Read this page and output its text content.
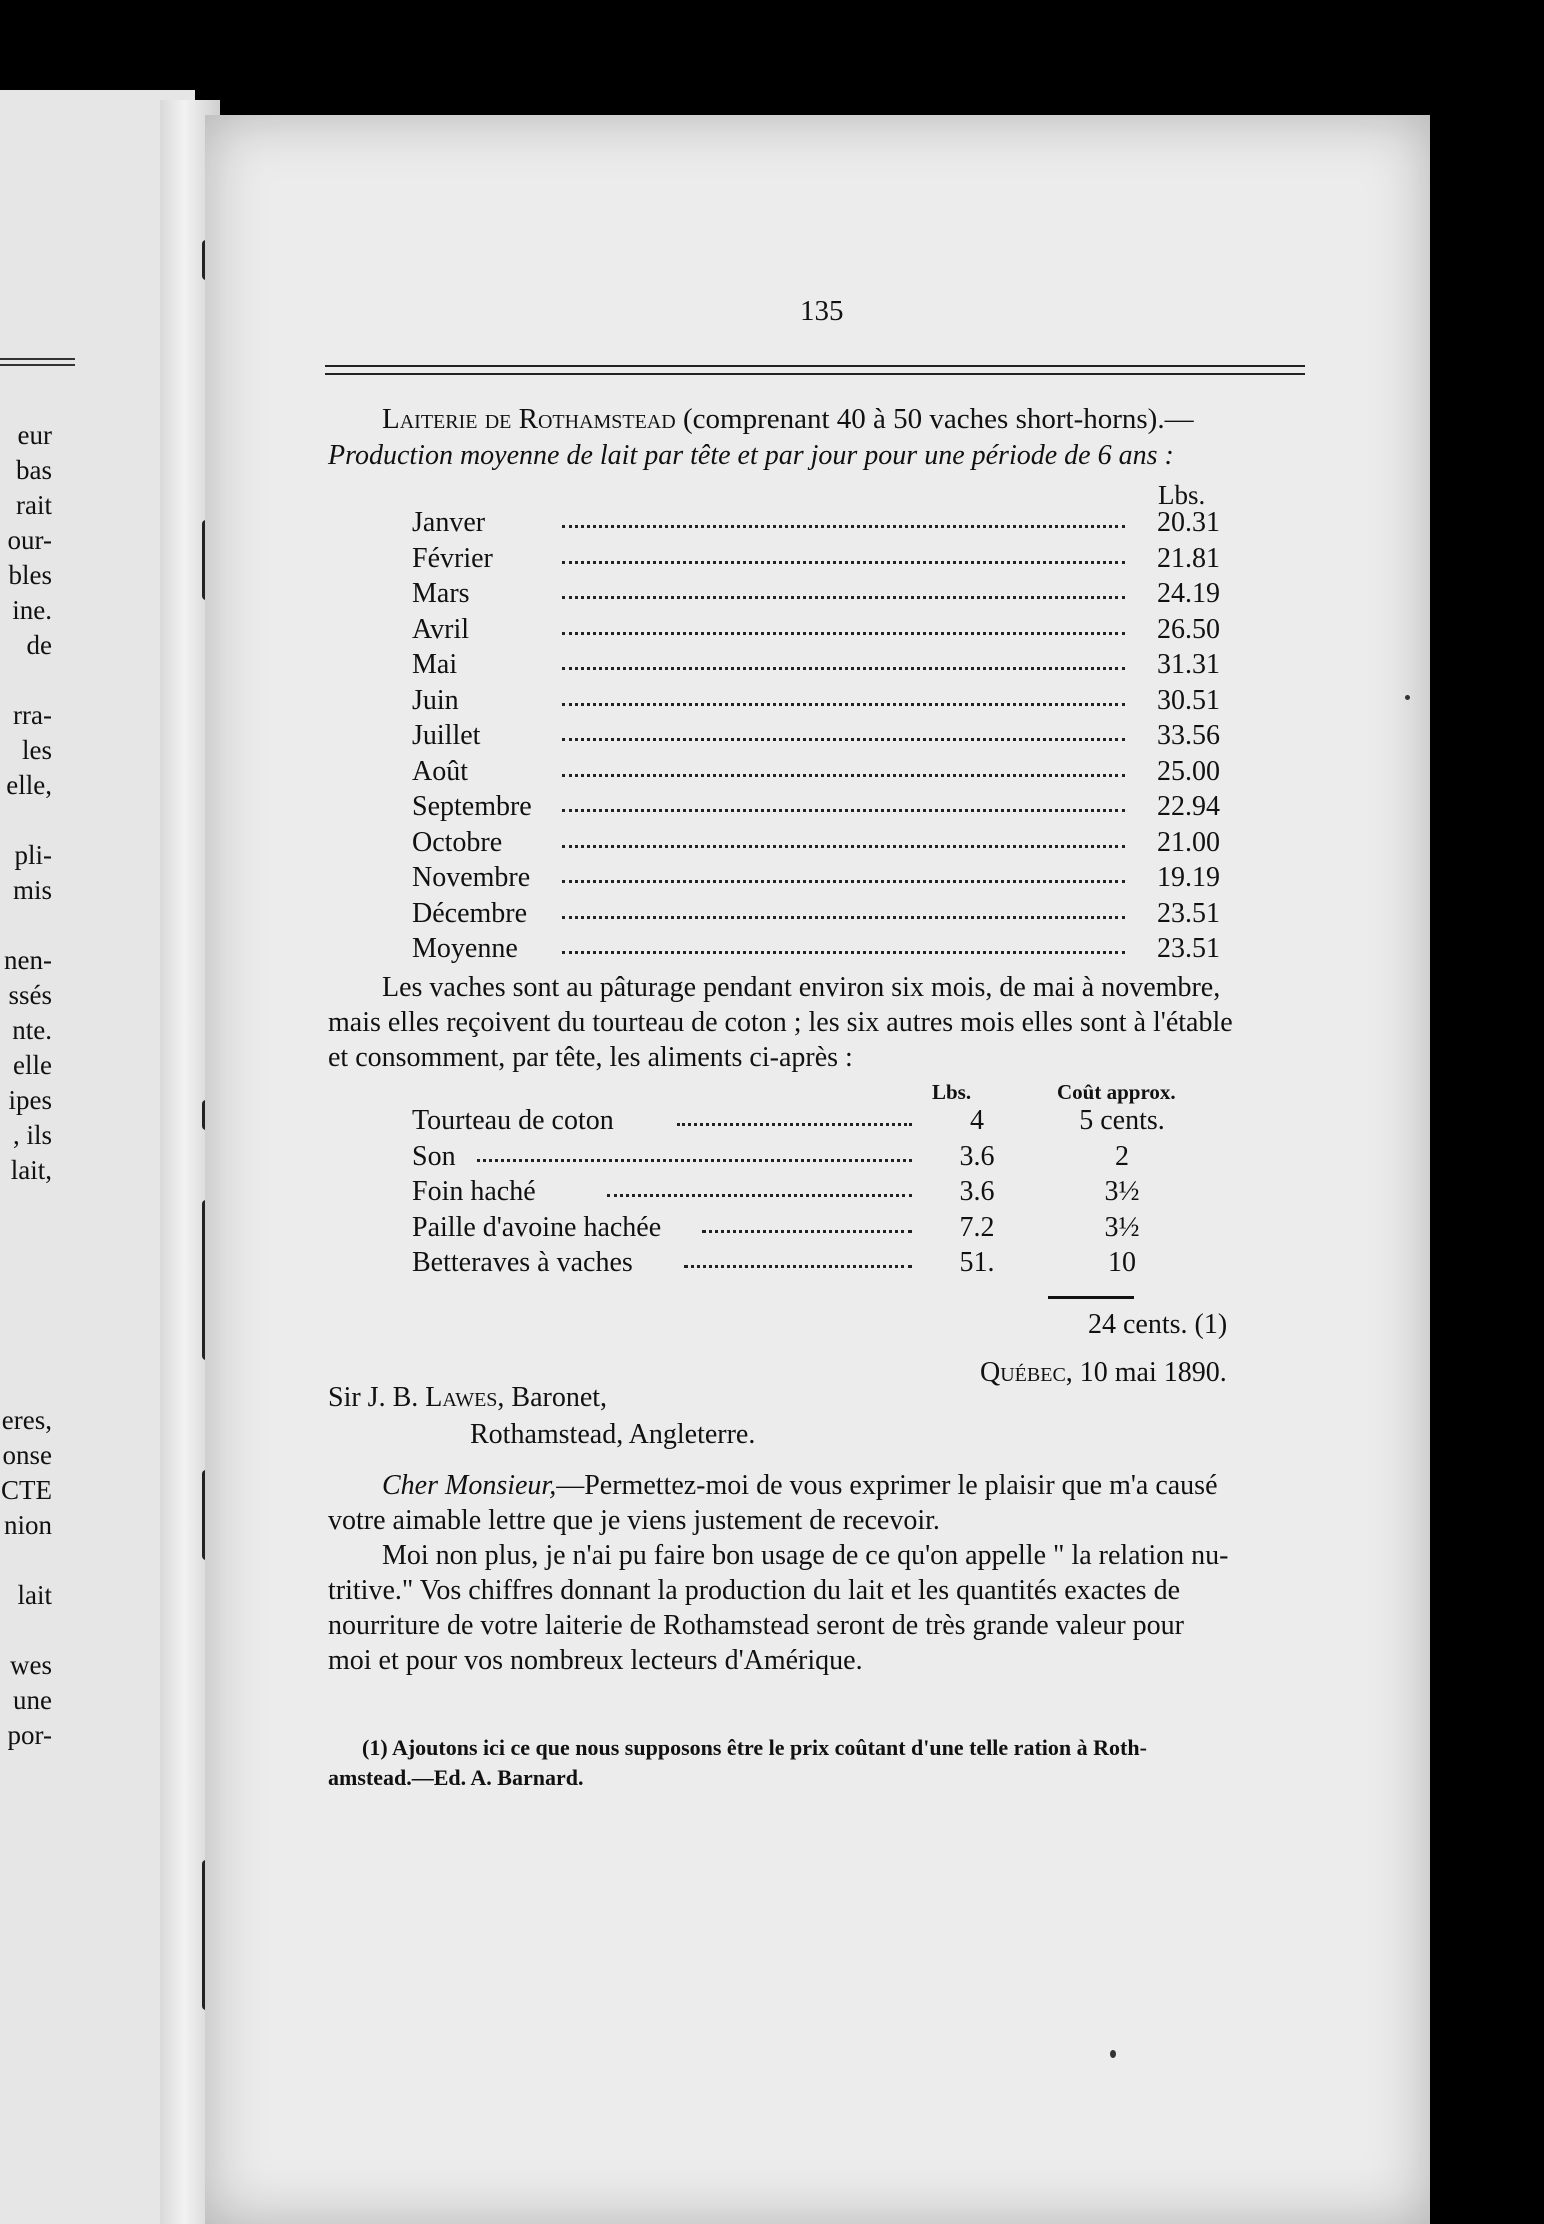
eur
bas
rait
our-
bles
ine.
de
rra-
les
elle,
pli-
mis
nen-
ssés
nte.
elle
ipes
, ils
lait,
eres,
onse
CTE
nion
lait
wes
une
por-
135
Laiterie de Rothamstead (comprenant 40 à 50 vaches short-horns).—
Production moyenne de lait par tête et par jour pour une période de 6 ans :
Lbs.
Janver	20.31
Février	21.81
Mars	24.19
Avril	26.50
Mai	31.31
Juin	30.51
Juillet	33.56
Août	25.00
Septembre	22.94
Octobre	21.00
Novembre	19.19
Décembre	23.51
Moyenne	23.51
Les vaches sont au pâturage pendant environ six mois, de mai à novembre,
mais elles reçoivent du tourteau de coton ; les six autres mois elles sont à l'étable
et consomment, par tête, les aliments ci-après :
Lbs.	Coût approx.
Tourteau de coton	4	5 cents.
Son	3.6	2
Foin haché	3.6	3½
Paille d'avoine hachée	7.2	3½
Betteraves à vaches	51.	10
24 cents. (1)
Québec, 10 mai 1890.
Sir J. B. Lawes, Baronet,
Rothamstead, Angleterre.
Cher Monsieur,—Permettez-moi de vous exprimer le plaisir que m'a causé
votre aimable lettre que je viens justement de recevoir.
Moi non plus, je n'ai pu faire bon usage de ce qu'on appelle " la relation nu-
tritive." Vos chiffres donnant la production du lait et les quantités exactes de
nourriture de votre laiterie de Rothamstead seront de très grande valeur pour
moi et pour vos nombreux lecteurs d'Amérique.
(1) Ajoutons ici ce que nous supposons être le prix coûtant d'une telle ration à Roth-
amstead.—Ed. A. Barnard.
